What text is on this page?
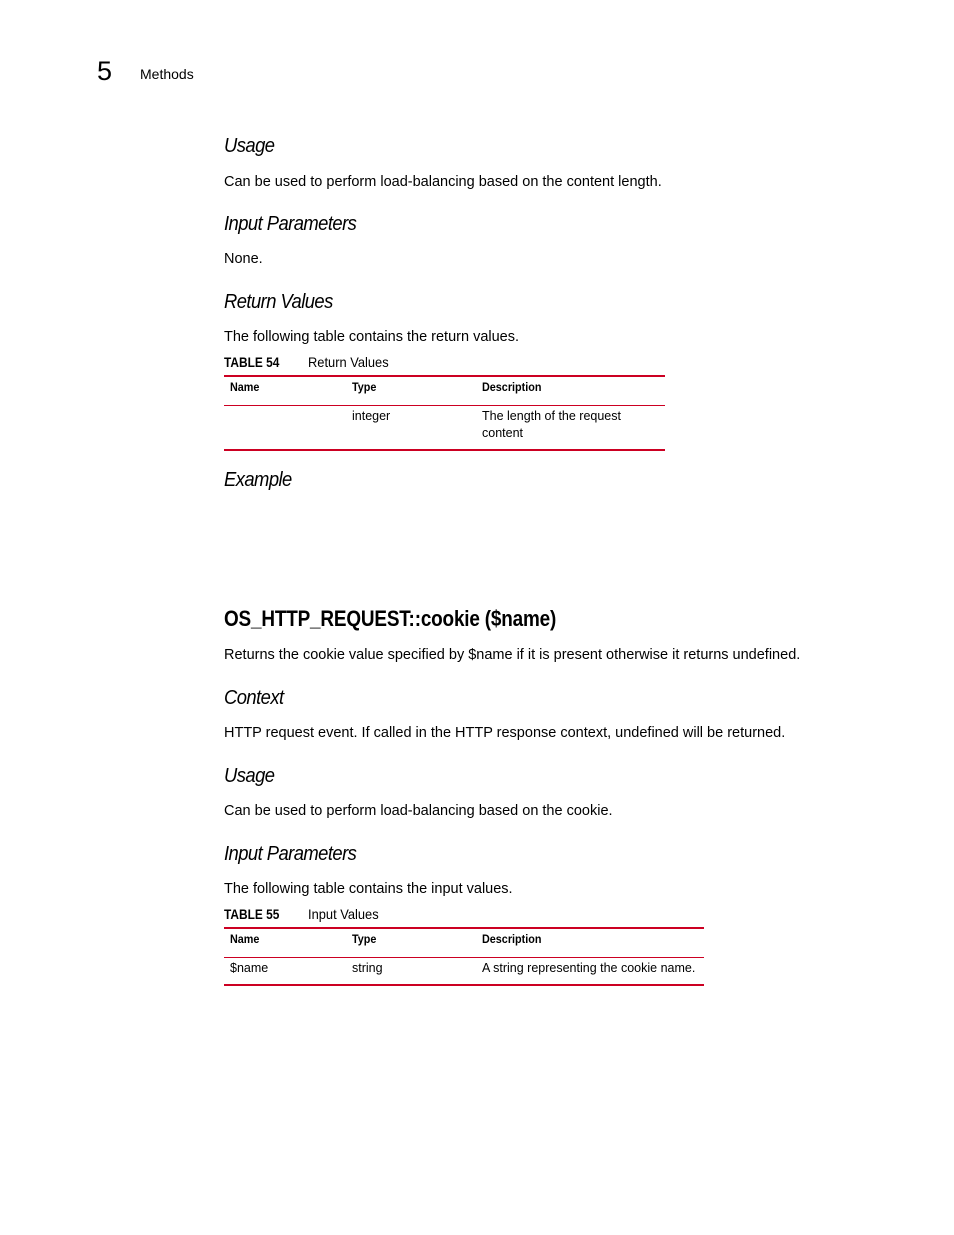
5 Methods
Usage
Can be used to perform load-balancing based on the content length.
Input Parameters
None.
Return Values
The following table contains the return values.
TABLE 54 Return Values
Name	Type	Description
	integer	The length of the request content
Example
OS_HTTP_REQUEST::cookie ($name)
Returns the cookie value specified by $name if it is present otherwise it returns undefined.
Context
HTTP request event. If called in the HTTP response context, undefined will be returned.
Usage
Can be used to perform load-balancing based on the cookie.
Input Parameters
The following table contains the input values.
TABLE 55 Input Values
Name	Type	Description
$name	string	A string representing the cookie name.
